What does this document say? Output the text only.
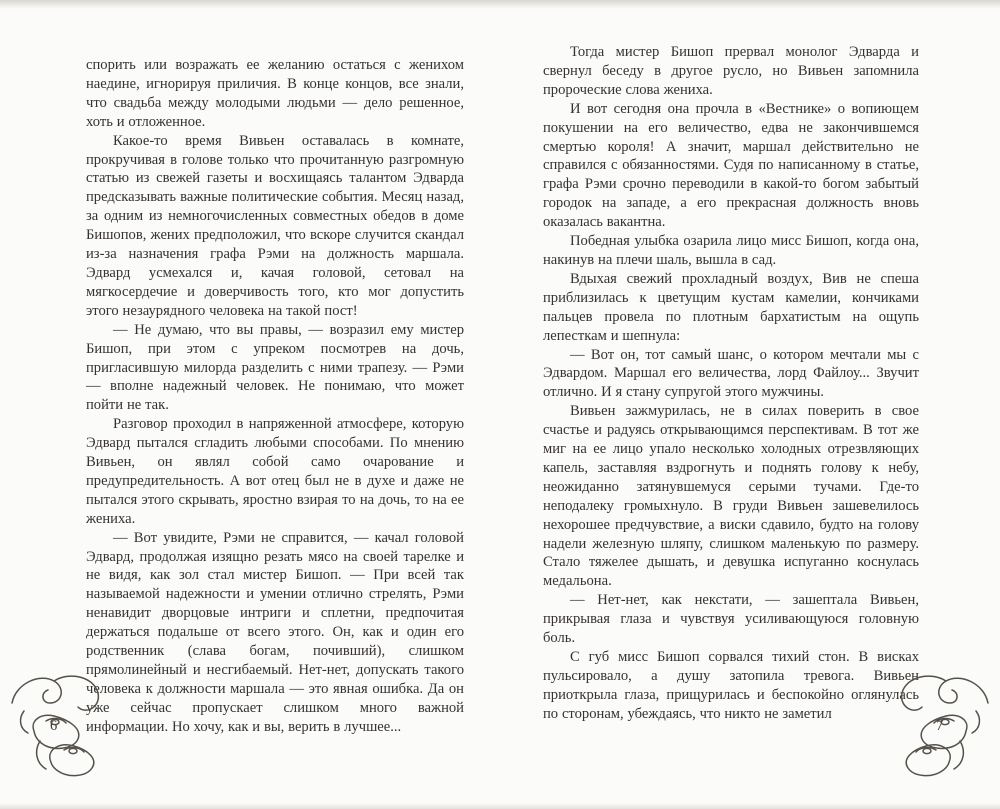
спорить или возражать ее желанию остаться с женихом наедине, игнорируя приличия. В конце концов, все знали, что свадьба между молодыми людьми — дело решенное, хоть и отложенное.

Какое-то время Вивьен оставалась в комнате, прокручивая в голове только что прочитанную разгромную статью из свежей газеты и восхищаясь талантом Эдварда предсказывать важные политические события. Месяц назад, за одним из немногочисленных совместных обедов в доме Бишопов, жених предположил, что вскоре случится скандал из-за назначения графа Рэми на должность маршала. Эдвард усмехался и, качая головой, сетовал на мягкосердечие и доверчивость того, кто мог допустить этого незаурядного человека на такой пост!

— Не думаю, что вы правы, — возразил ему мистер Бишоп, при этом с упреком посмотрев на дочь, пригласившую милорда разделить с ними трапезу. — Рэми — вполне надежный человек. Не понимаю, что может пойти не так.

Разговор проходил в напряженной атмосфере, которую Эдвард пытался сгладить любыми способами. По мнению Вивьен, он являл собой само очарование и предупредительность. А вот отец был не в духе и даже не пытался этого скрывать, яростно взирая то на дочь, то на ее жениха.

— Вот увидите, Рэми не справится, — качал головой Эдвард, продолжая изящно резать мясо на своей тарелке и не видя, как зол стал мистер Бишоп. — При всей так называемой надежности и умении отлично стрелять, Рэми ненавидит дворцовые интриги и сплетни, предпочитая держаться подальше от всего этого. Он, как и один его родственник (слава богам, почивший), слишком прямолинейный и несгибаемый. Нет-нет, допускать такого человека к должности маршала — это явная ошибка. Да он уже сейчас пропускает слишком много важной информации. Но хочу, как и вы, верить в лучшее...

6

Тогда мистер Бишоп прервал монолог Эдварда и свернул беседу в другое русло, но Вивьен запомнила пророческие слова жениха.

И вот сегодня она прочла в «Вестнике» о вопиющем покушении на его величество, едва не закончившемся смертью короля! А значит, маршал действительно не справился с обязанностями. Судя по написанному в статье, графа Рэми срочно переводили в какой-то богом забытый городок на западе, а его прекрасная должность вновь оказалась вакантна.

Победная улыбка озарила лицо мисс Бишоп, когда она, накинув на плечи шаль, вышла в сад.

Вдыхая свежий прохладный воздух, Вив не спеша приблизилась к цветущим кустам камелии, кончиками пальцев провела по плотным бархатистым на ощупь лепесткам и шепнула:

— Вот он, тот самый шанс, о котором мечтали мы с Эдвардом. Маршал его величества, лорд Файлоу... Звучит отлично. И я стану супругой этого мужчины.

Вивьен зажмурилась, не в силах поверить в свое счастье и радуясь открывающимся перспективам. В тот же миг на ее лицо упало несколько холодных отрезвляющих капель, заставляя вздрогнуть и поднять голову к небу, неожиданно затянувшемуся серыми тучами. Где-то неподалеку громыхнуло. В груди Вивьен зашевелилось нехорошее предчувствие, а виски сдавило, будто на голову надели железную шляпу, слишком маленькую по размеру. Стало тяжелее дышать, и девушка испуганно коснулась медальона.

— Нет-нет, как некстати, — зашептала Вивьен, прикрывая глаза и чувствуя усиливающуюся головную боль.

С губ мисс Бишоп сорвался тихий стон. В висках пульсировало, а душу затопила тревога. Вивьен приоткрыла глаза, прищурилась и беспокойно оглянулась по сторонам, убеждаясь, что никто не заметил

7
